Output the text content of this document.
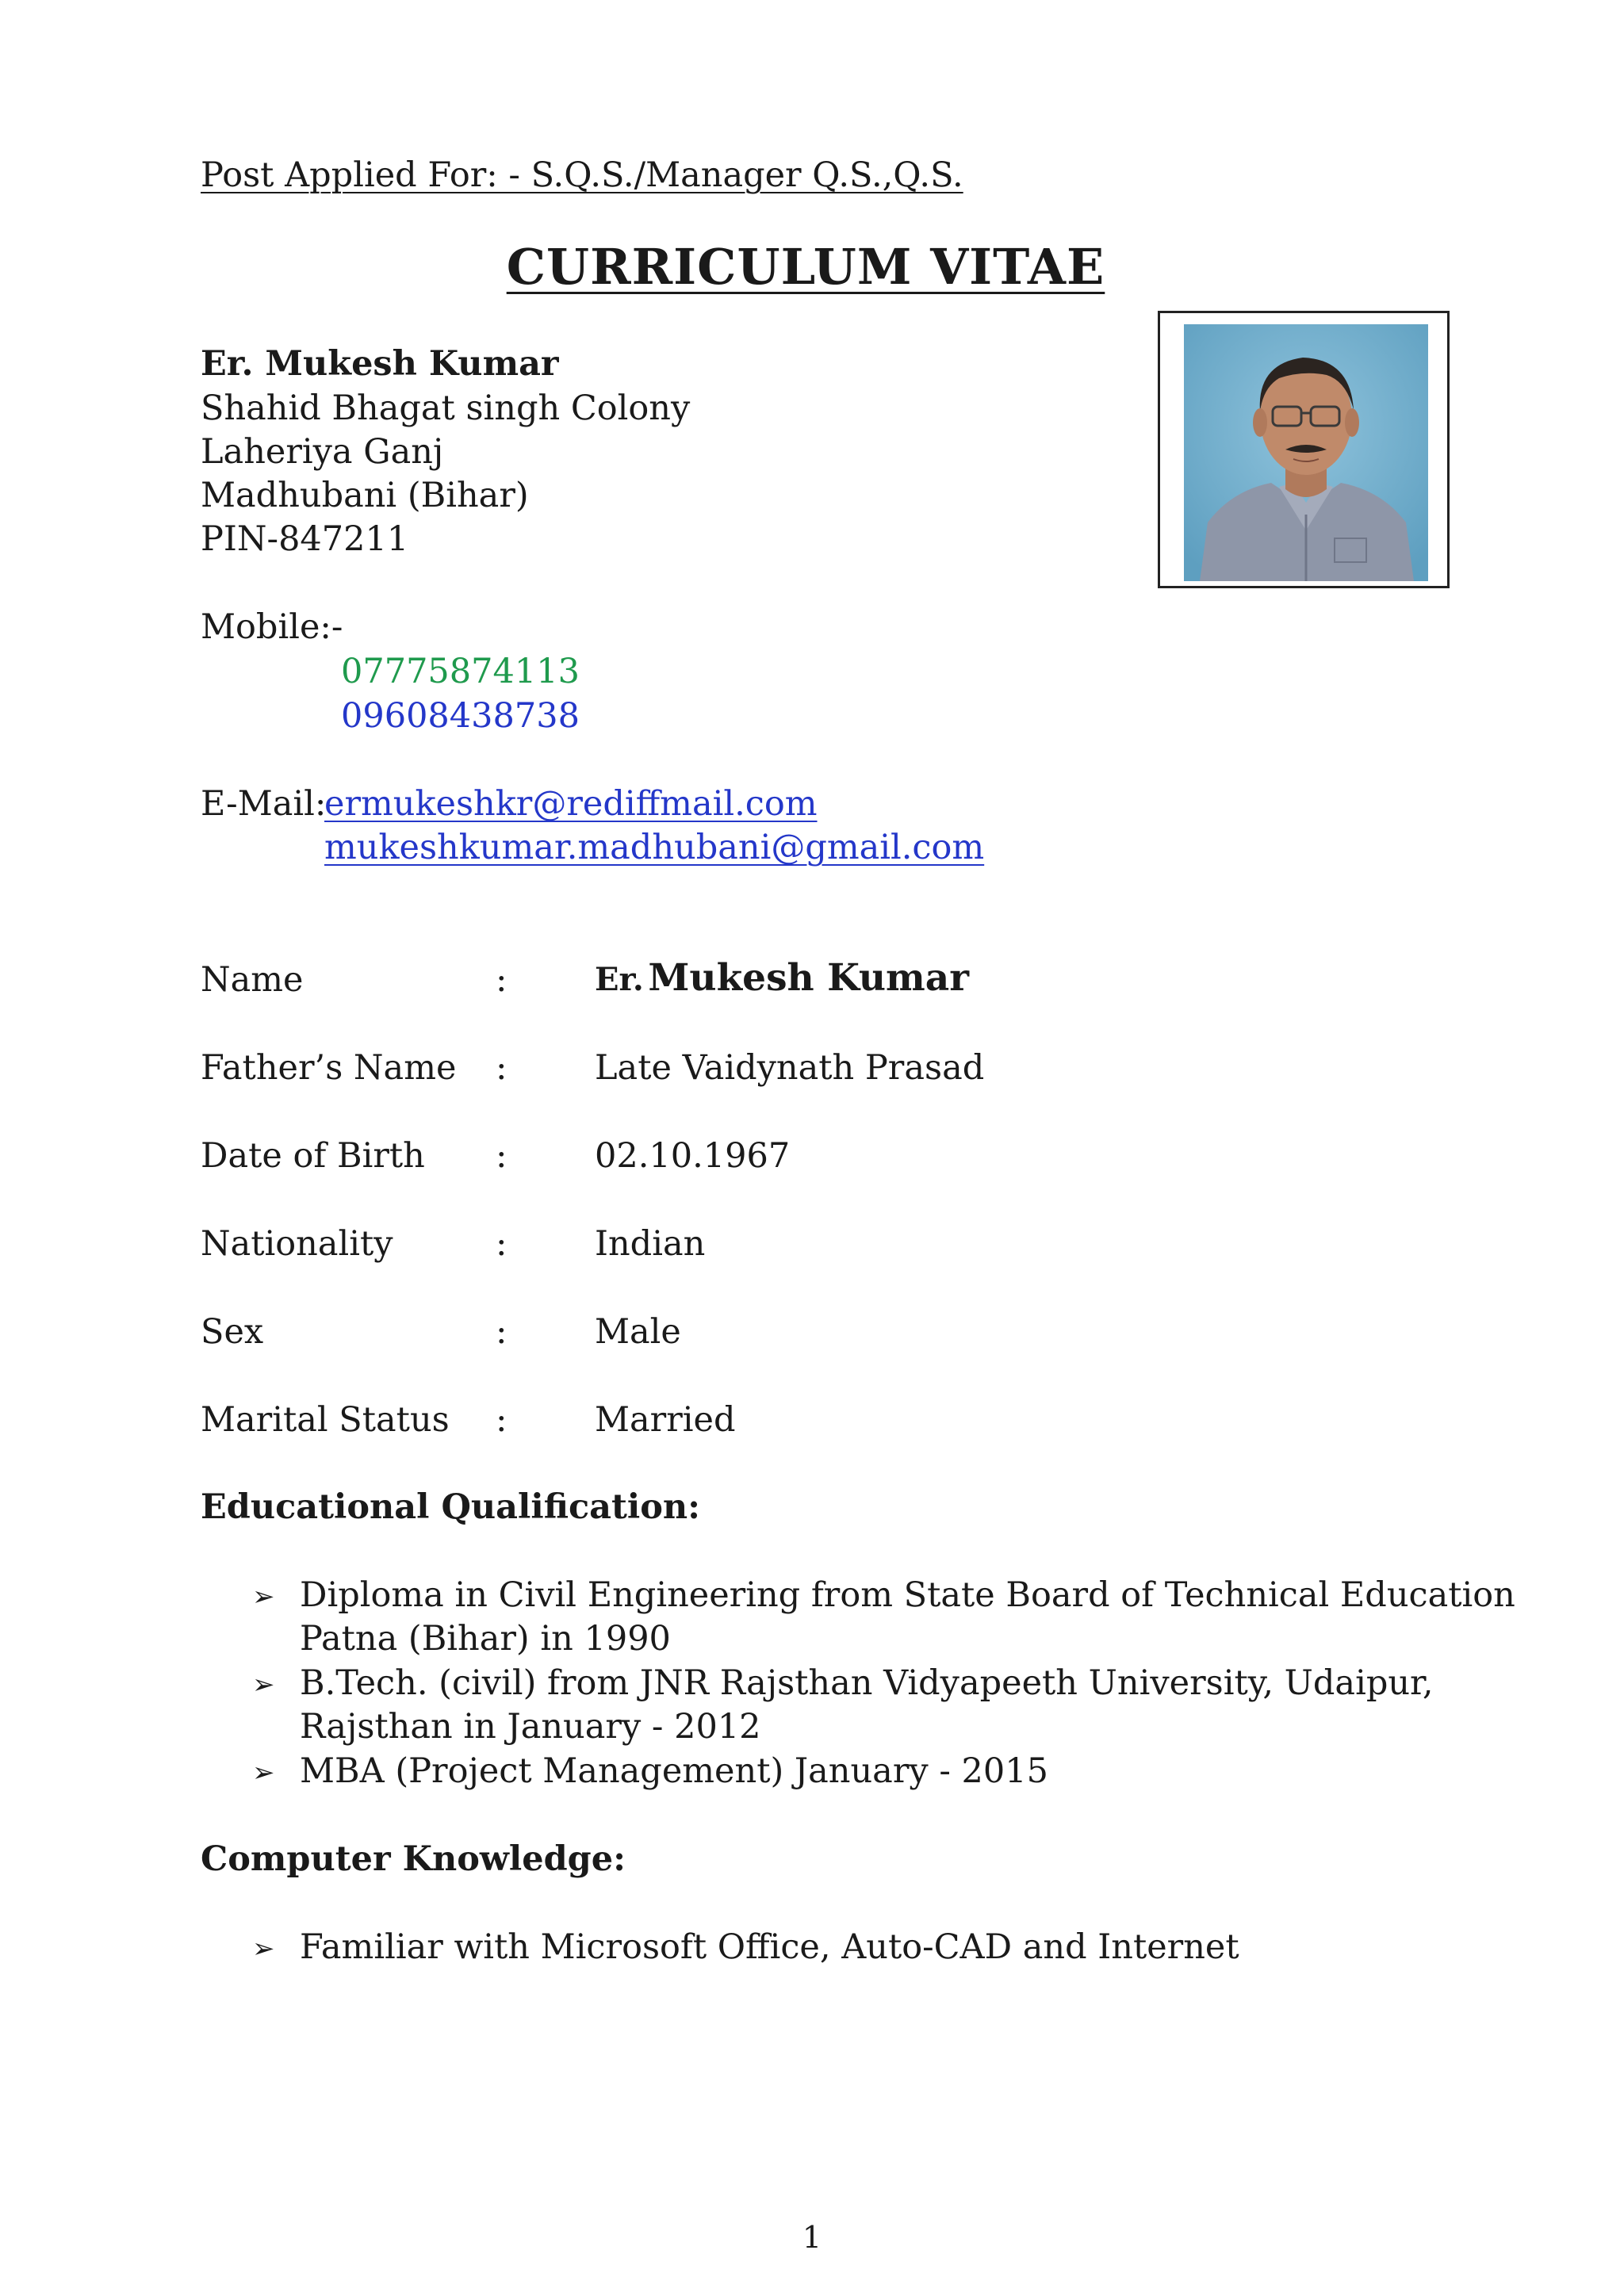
Post Applied For: - S.Q.S./Manager Q.S.,Q.S.
CURRICULUM VITAE
Er. Mukesh Kumar
Shahid Bhagat singh Colony
Laheriya Ganj
Madhubani (Bihar)
PIN-847211
Mobile:-
07775874113
09608438738
E-Mail:
ermukeshkr@rediffmail.com
mukeshkumar.madhubani@gmail.com
Name	:	Er. Mukesh Kumar
Father’s Name :	Late Vaidynath Prasad
Date of Birth :	02.10.1967
Nationality	:	Indian
Sex	:	Male
Marital Status :	Married
Educational Qualification:
➢ Diploma in Civil Engineering from State Board of Technical Education
Patna (Bihar) in 1990
➢ B.Tech. (civil) from JNR Rajsthan Vidyapeeth University, Udaipur,
Rajsthan in January - 2012
➢ MBA (Project Management) January - 2015
Computer Knowledge:
➢ Familiar with Microsoft Office, Auto-CAD and Internet
1
